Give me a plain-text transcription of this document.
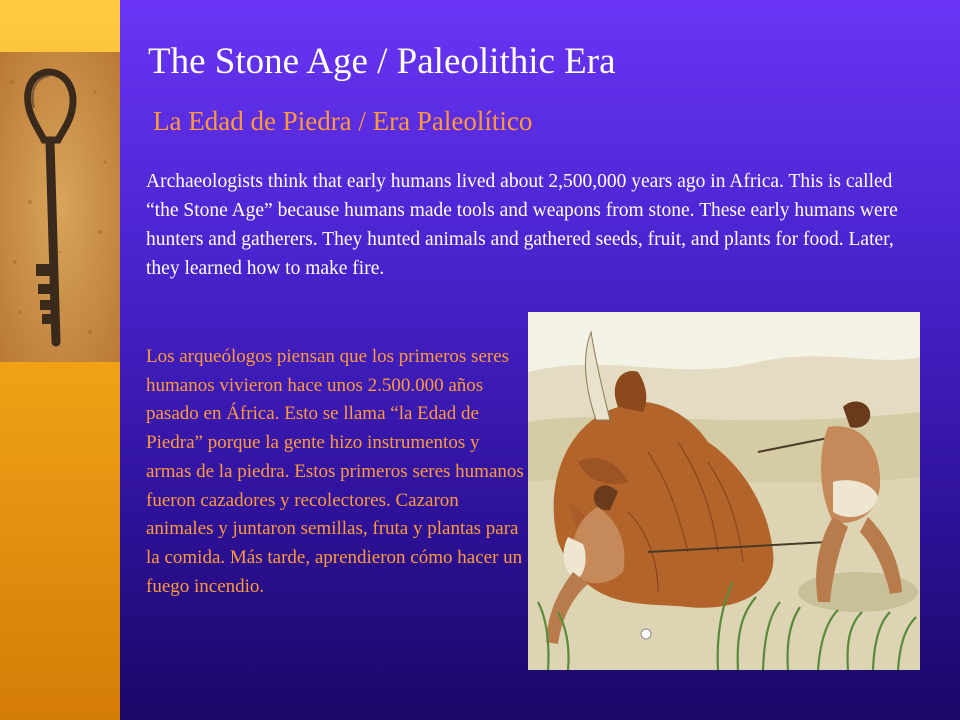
The Stone Age / Paleolithic Era
La Edad de Piedra / Era Paleolítico
Archaeologists think that early humans lived about 2,500,000 years ago in Africa. This is called “the Stone Age” because humans made tools and weapons from stone. These early humans were hunters and gatherers. They hunted animals and gathered seeds, fruit, and plants for food. Later, they learned how to make fire.
Los arqueólogos piensan que los primeros seres humanos vivieron hace unos 2.500.000 años pasado en África. Esto se llama “la Edad de Piedra” porque la gente hizo instrumentos y armas de la piedra. Estos primeros seres humanos fueron cazadores y recolectores. Cazaron animales y juntaron semillas, fruta y plantas para la comida. Más tarde, aprendieron cómo hacer un fuego incendio.
